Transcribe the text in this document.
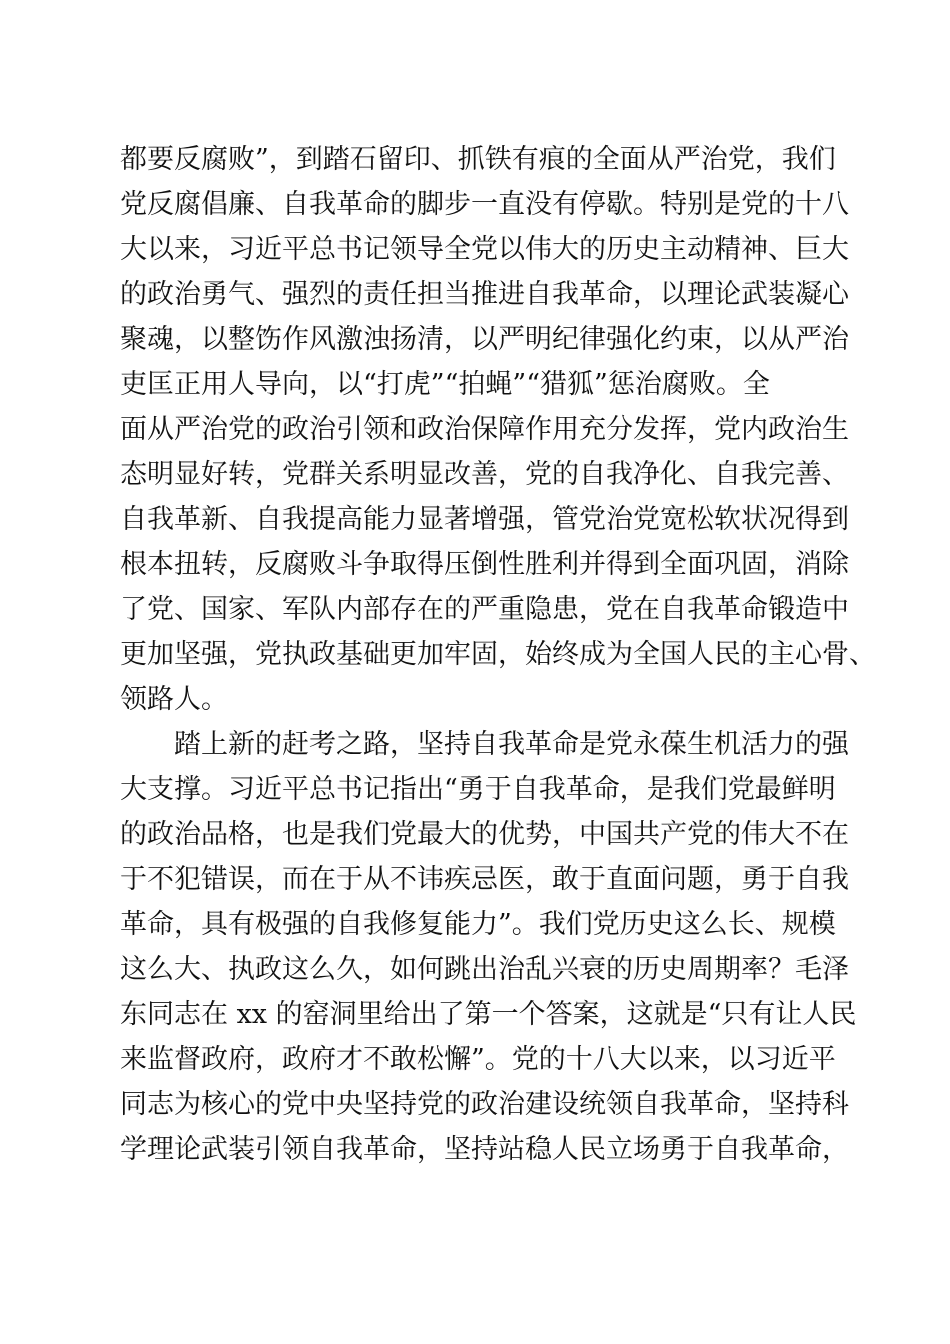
都要反腐败”，到踏石留印、抓铁有痕的全面从严治党，我们
党反腐倡廉、自我革命的脚步一直没有停歇。特别是党的十八
大以来，习近平总书记领导全党以伟大的历史主动精神、巨大
的政治勇气、强烈的责任担当推进自我革命，以理论武装凝心
聚魂，以整饬作风激浊扬清，以严明纪律强化约束，以从严治
吏匡正用人导向，以“打虎”“拍蝇”“猎狐”惩治腐败。全
面从严治党的政治引领和政治保障作用充分发挥，党内政治生
态明显好转，党群关系明显改善，党的自我净化、自我完善、
自我革新、自我提高能力显著增强，管党治党宽松软状况得到
根本扭转，反腐败斗争取得压倒性胜利并得到全面巩固，消除
了党、国家、军队内部存在的严重隐患，党在自我革命锻造中
更加坚强，党执政基础更加牢固，始终成为全国人民的主心骨、
领路人。
踏上新的赶考之路，坚持自我革命是党永葆生机活力的强
大支撑。习近平总书记指出“勇于自我革命，是我们党最鲜明
的政治品格，也是我们党最大的优势，中国共产党的伟大不在
于不犯错误，而在于从不讳疾忌医，敢于直面问题，勇于自我
革命，具有极强的自我修复能力”。我们党历史这么长、规模
这么大、执政这么久，如何跳出治乱兴衰的历史周期率？毛泽
东同志在 xx 的窑洞里给出了第一个答案，这就是“只有让人民
来监督政府，政府才不敢松懈”。党的十八大以来，以习近平
同志为核心的党中央坚持党的政治建设统领自我革命，坚持科
学理论武装引领自我革命，坚持站稳人民立场勇于自我革命，
